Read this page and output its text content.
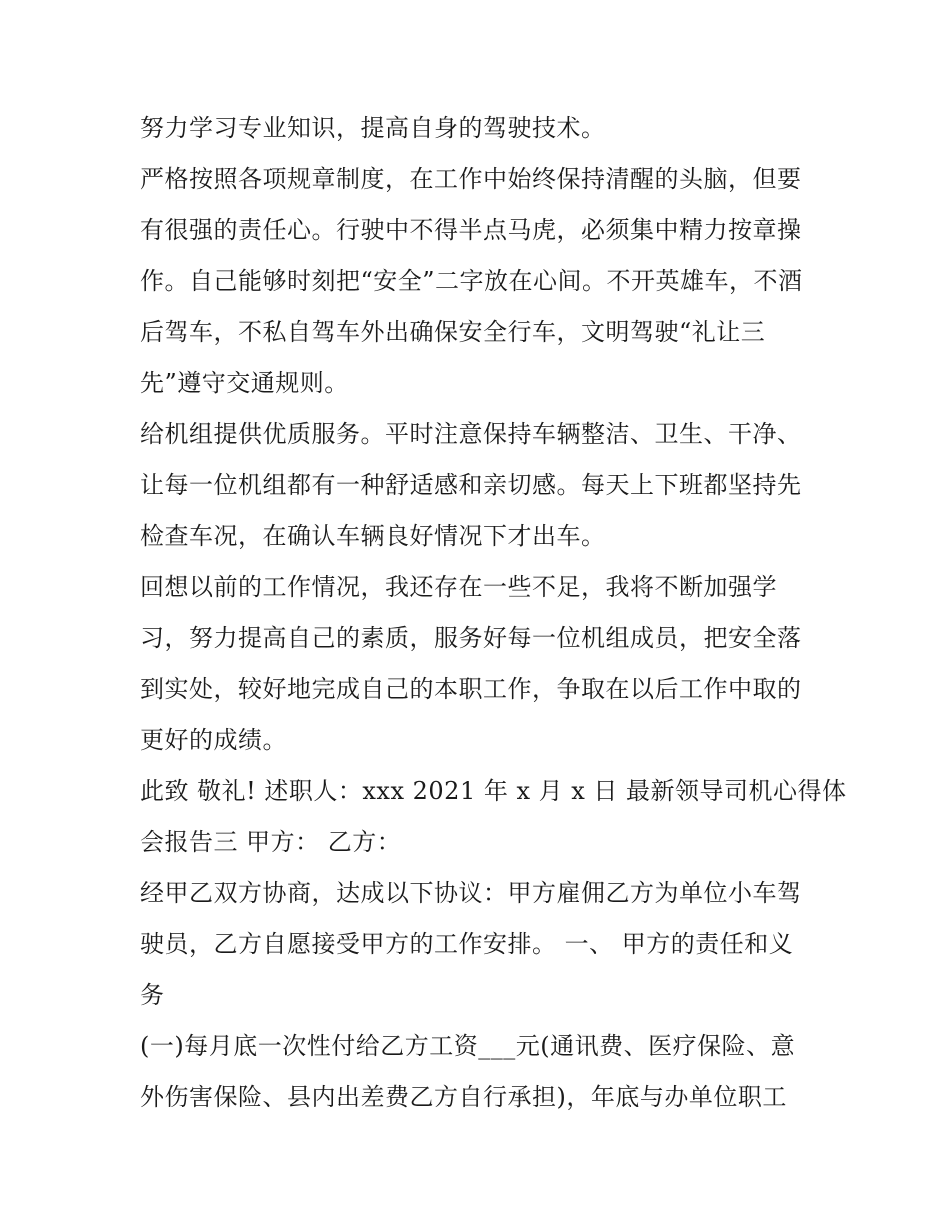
努力学习专业知识，提高自身的驾驶技术。
严格按照各项规章制度，在工作中始终保持清醒的头脑，但要
有很强的责任心。行驶中不得半点马虎，必须集中精力按章操
作。自己能够时刻把“安全”二字放在心间。不开英雄车，不酒
后驾车，不私自驾车外出确保安全行车，文明驾驶“礼让三
先”遵守交通规则。
给机组提供优质服务。平时注意保持车辆整洁、卫生、干净、
让每一位机组都有一种舒适感和亲切感。每天上下班都坚持先
检查车况，在确认车辆良好情况下才出车。
回想以前的工作情况，我还存在一些不足，我将不断加强学
习，努力提高自己的素质，服务好每一位机组成员，把安全落
到实处，较好地完成自己的本职工作，争取在以后工作中取的
更好的成绩。
此致 敬礼! 述职人：xxx 2021 年 x 月 x 日 最新领导司机心得体
会报告三 甲方： 乙方：
经甲乙双方协商，达成以下协议：甲方雇佣乙方为单位小车驾
驶员，乙方自愿接受甲方的工作安排。 一、 甲方的责任和义
务
(一)每月底一次性付给乙方工资___元(通讯费、医疗保险、意
外伤害保险、县内出差费乙方自行承担)，年底与办单位职工
